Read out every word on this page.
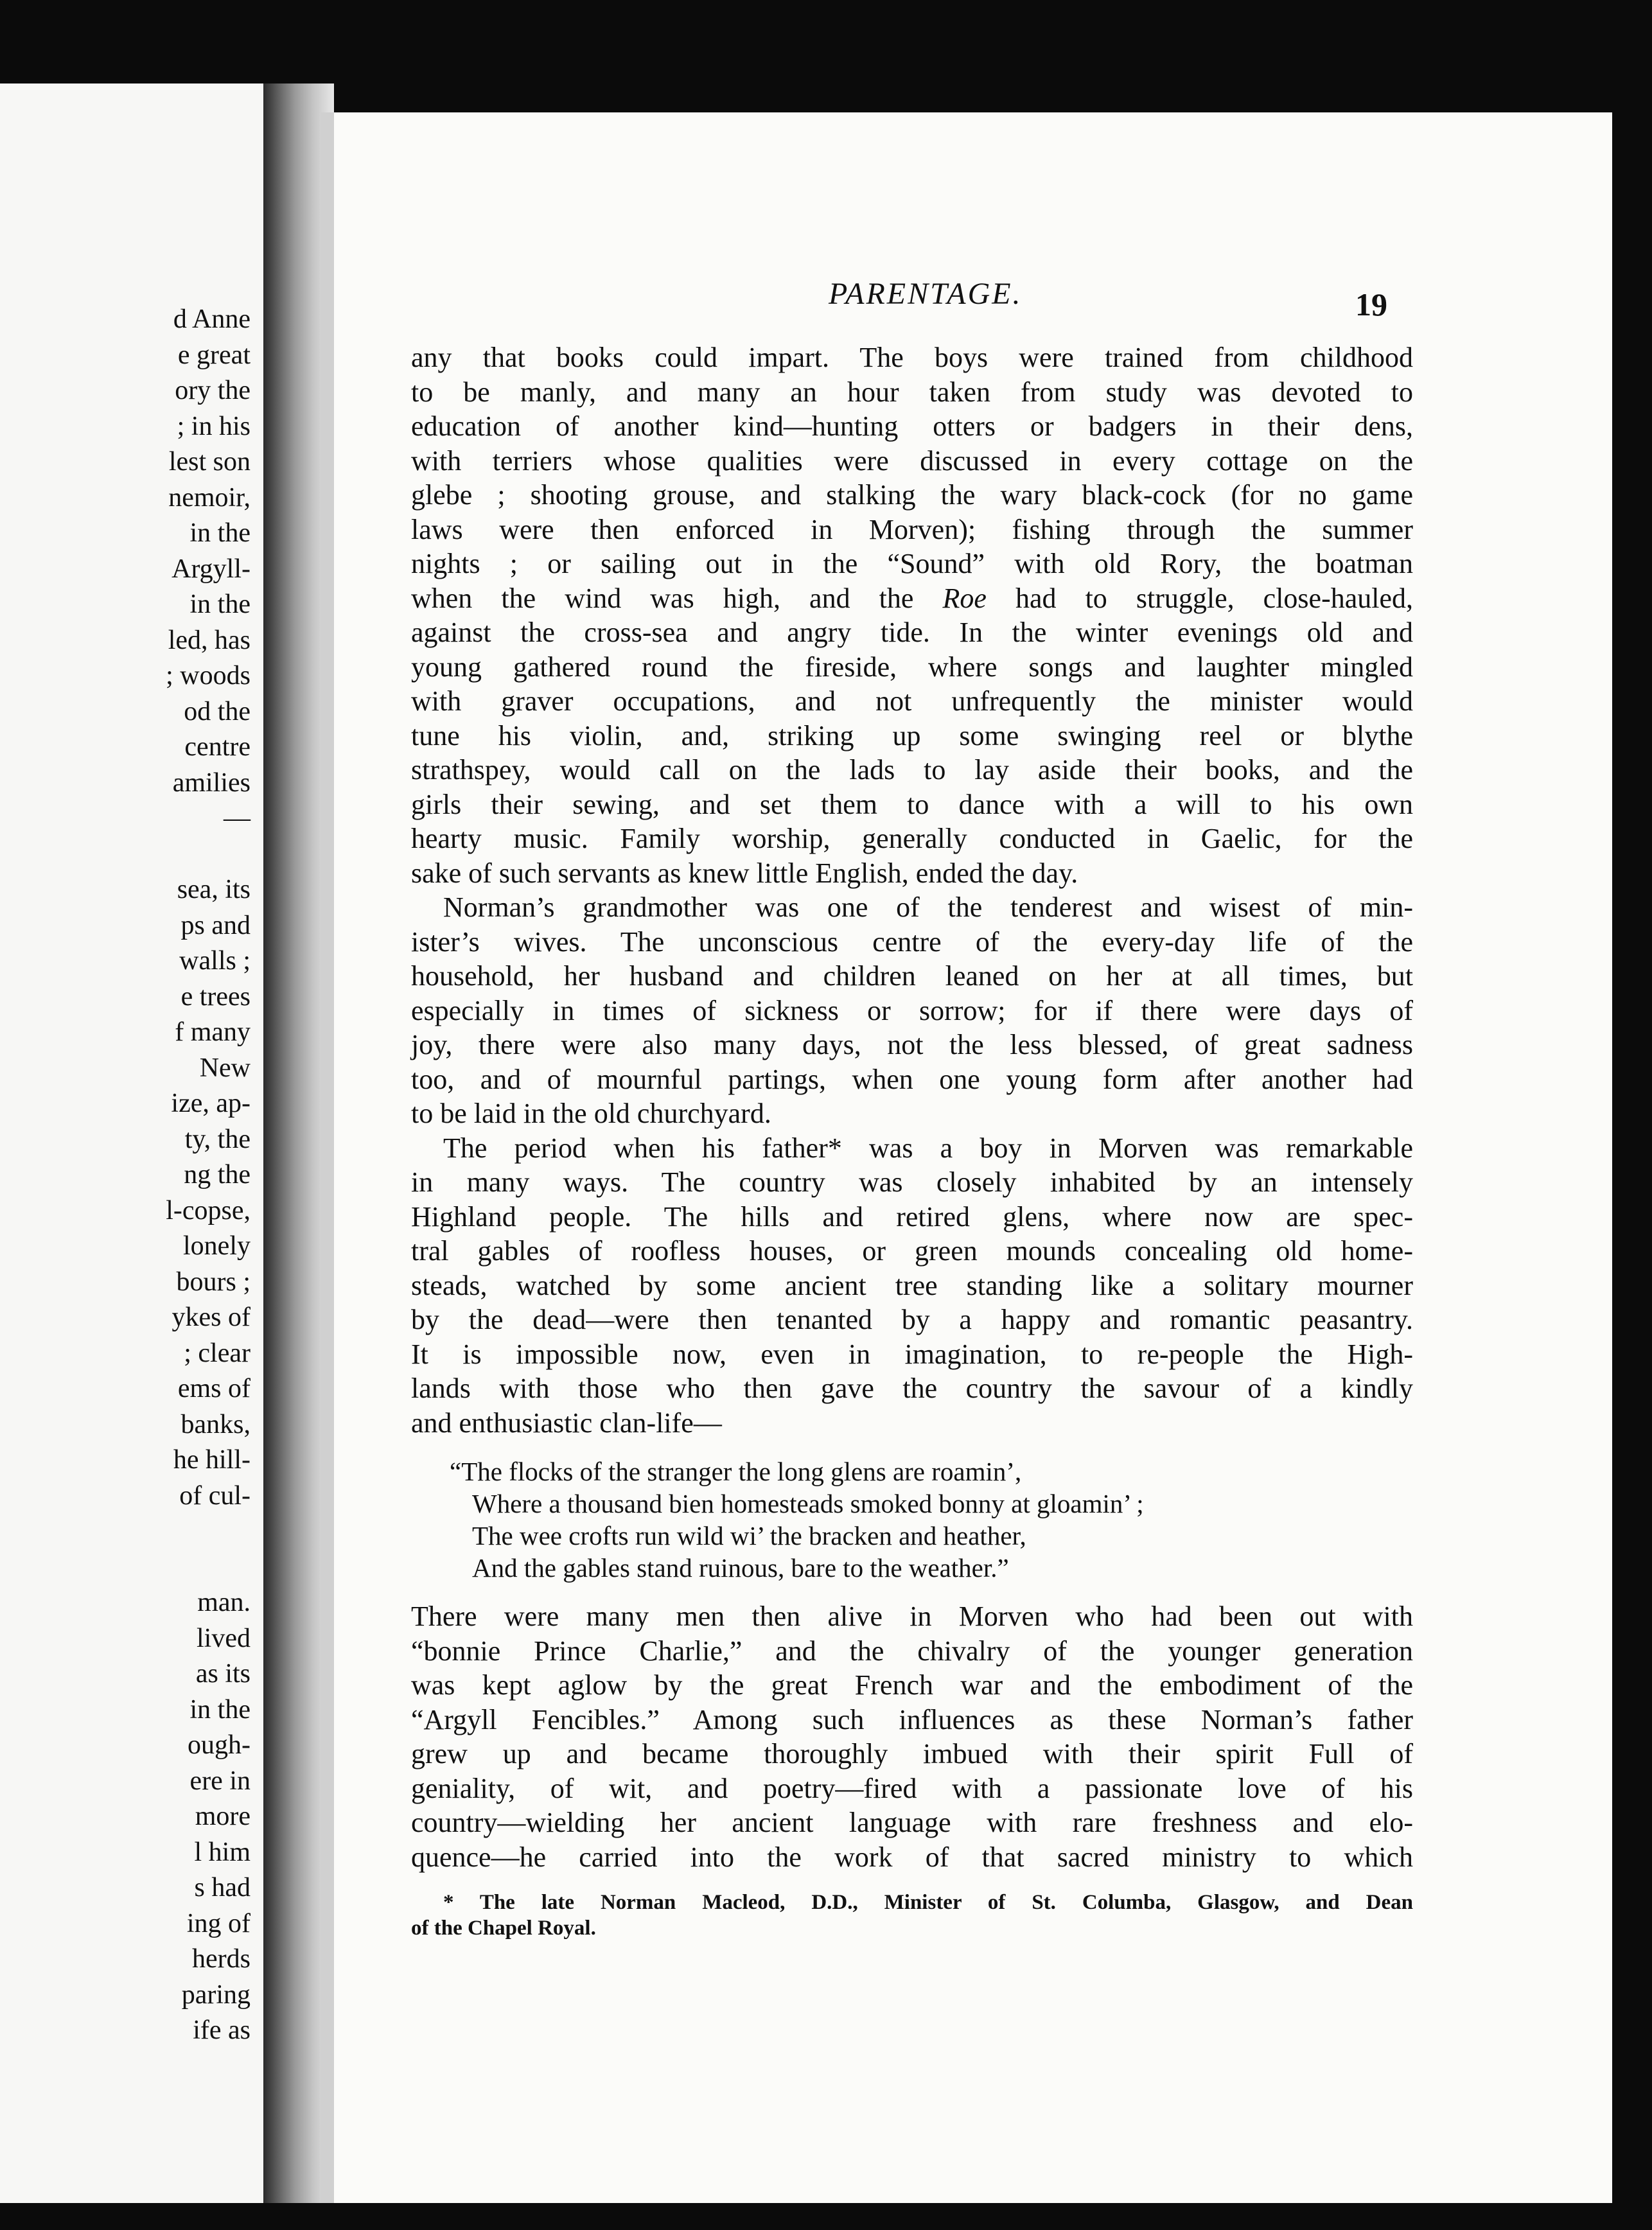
d Anne
e great
ory the
; in his
lest son
nemoir,
in the
Argyll-
in the
led, has
; woods
od the
centre
amilies
—
sea, its
ps and
walls ;
e trees
f many
New
ize, ap-
ty, the
ng the
l-copse,
lonely
bours ;
ykes of
; clear
ems of
banks,
he hill-
of cul-
man.
lived
as its
in the
ough-
ere in
more
l him
s had
ing of
herds
paring
ife as
PARENTAGE.	19
any that books could impart. The boys were trained from childhood
to be manly, and many an hour taken from study was devoted to
education of another kind—hunting otters or badgers in their dens,
with terriers whose qualities were discussed in every cottage on the
glebe ; shooting grouse, and stalking the wary black-cock (for no game
laws were then enforced in Morven); fishing through the summer
nights ; or sailing out in the “Sound” with old Rory, the boatman
when the wind was high, and the Roe had to struggle, close-hauled,
against the cross-sea and angry tide. In the winter evenings old and
young gathered round the fireside, where songs and laughter mingled
with graver occupations, and not unfrequently the minister would
tune his violin, and, striking up some swinging reel or blythe
strathspey, would call on the lads to lay aside their books, and the
girls their sewing, and set them to dance with a will to his own
hearty music. Family worship, generally conducted in Gaelic, for the
sake of such servants as knew little English, ended the day.
Norman’s grandmother was one of the tenderest and wisest of min-
ister’s wives. The unconscious centre of the every-day life of the
household, her husband and children leaned on her at all times, but
especially in times of sickness or sorrow; for if there were days of
joy, there were also many days, not the less blessed, of great sadness
too, and of mournful partings, when one young form after another had
to be laid in the old churchyard.
The period when his father* was a boy in Morven was remarkable
in many ways. The country was closely inhabited by an intensely
Highland people. The hills and retired glens, where now are spec-
tral gables of roofless houses, or green mounds concealing old home-
steads, watched by some ancient tree standing like a solitary mourner
by the dead—were then tenanted by a happy and romantic peasantry.
It is impossible now, even in imagination, to re-people the High-
lands with those who then gave the country the savour of a kindly
and enthusiastic clan-life—
“The flocks of the stranger the long glens are roamin’,
Where a thousand bien homesteads smoked bonny at gloamin’ ;
The wee crofts run wild wi’ the bracken and heather,
And the gables stand ruinous, bare to the weather.”
There were many men then alive in Morven who had been out with
“bonnie Prince Charlie,” and the chivalry of the younger generation
was kept aglow by the great French war and the embodiment of the
“Argyll Fencibles.” Among such influences as these Norman’s father
grew up and became thoroughly imbued with their spirit Full of
geniality, of wit, and poetry—fired with a passionate love of his
country—wielding her ancient language with rare freshness and elo-
quence—he carried into the work of that sacred ministry to which
* The late Norman Macleod, D.D., Minister of St. Columba, Glasgow, and Dean
of the Chapel Royal.
